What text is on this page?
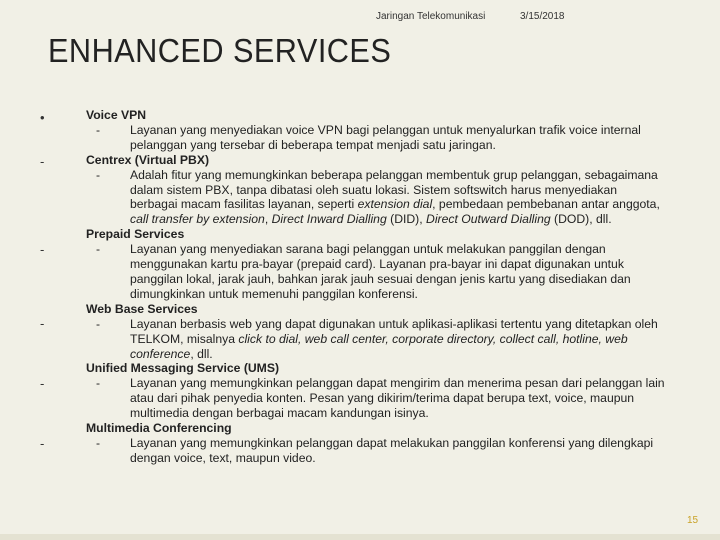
Jaringan Telekomunikasi	3/15/2018
ENHANCED SERVICES
•
-
-
-
-
-
Voice VPN
- Layanan yang menyediakan voice VPN bagi pelanggan untuk menyalurkan trafik voice internal pelanggan yang tersebar di beberapa tempat menjadi satu jaringan.
Centrex (Virtual PBX)
- Adalah fitur yang memungkinkan beberapa pelanggan membentuk grup pelanggan, sebagaimana dalam sistem PBX, tanpa dibatasi oleh suatu lokasi. Sistem softswitch harus menyediakan berbagai macam fasilitas layanan, seperti extension dial, pembedaan pembebanan antar anggota, call transfer by extension, Direct Inward Dialling (DID), Direct Outward Dialling (DOD), dll.
Prepaid Services
- Layanan yang menyediakan sarana bagi pelanggan untuk melakukan panggilan dengan menggunakan kartu pra-bayar (prepaid card). Layanan pra-bayar ini dapat digunakan untuk panggilan lokal, jarak jauh, bahkan jarak jauh sesuai dengan jenis kartu yang disediakan dan dimungkinkan untuk memenuhi panggilan konferensi.
Web Base Services
- Layanan berbasis web yang dapat digunakan untuk aplikasi-aplikasi tertentu yang ditetapkan oleh TELKOM, misalnya click to dial, web call center, corporate directory, collect call, hotline, web conference, dll.
Unified Messaging Service (UMS)
- Layanan yang memungkinkan pelanggan dapat mengirim dan menerima pesan dari pelanggan lain atau dari pihak penyedia konten. Pesan yang dikirim/terima dapat berupa text, voice, maupun multimedia dengan berbagai macam kandungan isinya.
Multimedia Conferencing
- Layanan yang memungkinkan pelanggan dapat melakukan panggilan konferensi yang dilengkapi dengan voice, text, maupun video.
15
